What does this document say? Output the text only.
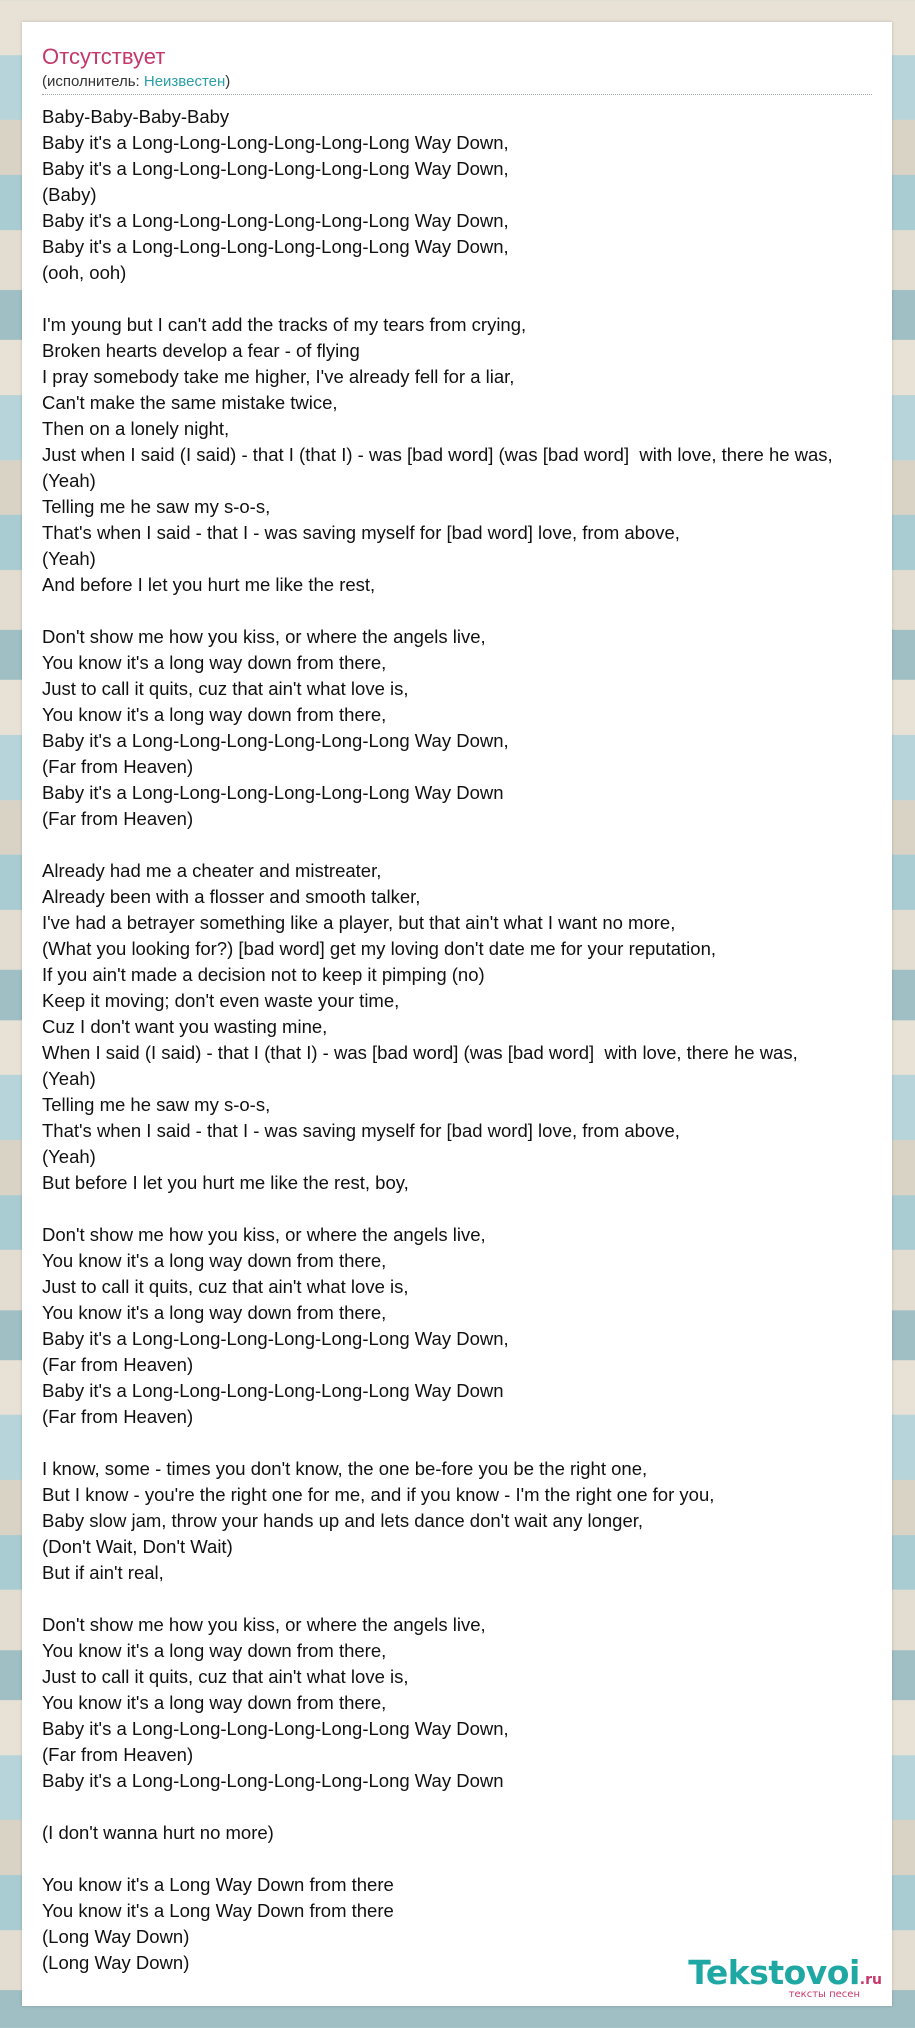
Отсутствует
(исполнитель: Неизвестен)
Baby-Baby-Baby-Baby
Baby it's a Long-Long-Long-Long-Long-Long Way Down,
Baby it's a Long-Long-Long-Long-Long-Long Way Down,
(Baby)
Baby it's a Long-Long-Long-Long-Long-Long Way Down,
Baby it's a Long-Long-Long-Long-Long-Long Way Down,
(ooh, ooh)
I'm young but I can't add the tracks of my tears from crying,
Broken hearts develop a fear - of flying
I pray somebody take me higher, I've already fell for a liar,
Can't make the same mistake twice,
Then on a lonely night,
Just when I said (I said) - that I (that I) - was [bad word] (was [bad word]  with love, there he was,
(Yeah)
Telling me he saw my s-o-s,
That's when I said - that I - was saving myself for [bad word] love, from above,
(Yeah)
And before I let you hurt me like the rest,
Don't show me how you kiss, or where the angels live,
You know it's a long way down from there,
Just to call it quits, cuz that ain't what love is,
You know it's a long way down from there,
Baby it's a Long-Long-Long-Long-Long-Long Way Down,
(Far from Heaven)
Baby it's a Long-Long-Long-Long-Long-Long Way Down
(Far from Heaven)
Already had me a cheater and mistreater,
Already been with a flosser and smooth talker,
I've had a betrayer something like a player, but that ain't what I want no more,
(What you looking for?) [bad word] get my loving don't date me for your reputation,
If you ain't made a decision not to keep it pimping (no)
Keep it moving; don't even waste your time,
Cuz I don't want you wasting mine,
When I said (I said) - that I (that I) - was [bad word] (was [bad word]  with love, there he was,
(Yeah)
Telling me he saw my s-o-s,
That's when I said - that I - was saving myself for [bad word] love, from above,
(Yeah)
But before I let you hurt me like the rest, boy,
Don't show me how you kiss, or where the angels live,
You know it's a long way down from there,
Just to call it quits, cuz that ain't what love is,
You know it's a long way down from there,
Baby it's a Long-Long-Long-Long-Long-Long Way Down,
(Far from Heaven)
Baby it's a Long-Long-Long-Long-Long-Long Way Down
(Far from Heaven)
I know, some - times you don't know, the one be-fore you be the right one,
But I know - you're the right one for me, and if you know - I'm the right one for you,
Baby slow jam, throw your hands up and lets dance don't wait any longer,
(Don't Wait, Don't Wait)
But if ain't real,
Don't show me how you kiss, or where the angels live,
You know it's a long way down from there,
Just to call it quits, cuz that ain't what love is,
You know it's a long way down from there,
Baby it's a Long-Long-Long-Long-Long-Long Way Down,
(Far from Heaven)
Baby it's a Long-Long-Long-Long-Long-Long Way Down
(I don't wanna hurt no more)
You know it's a Long Way Down from there
You know it's a Long Way Down from there
(Long Way Down)
(Long Way Down)	Tekstovoi.ru
тексты песен
